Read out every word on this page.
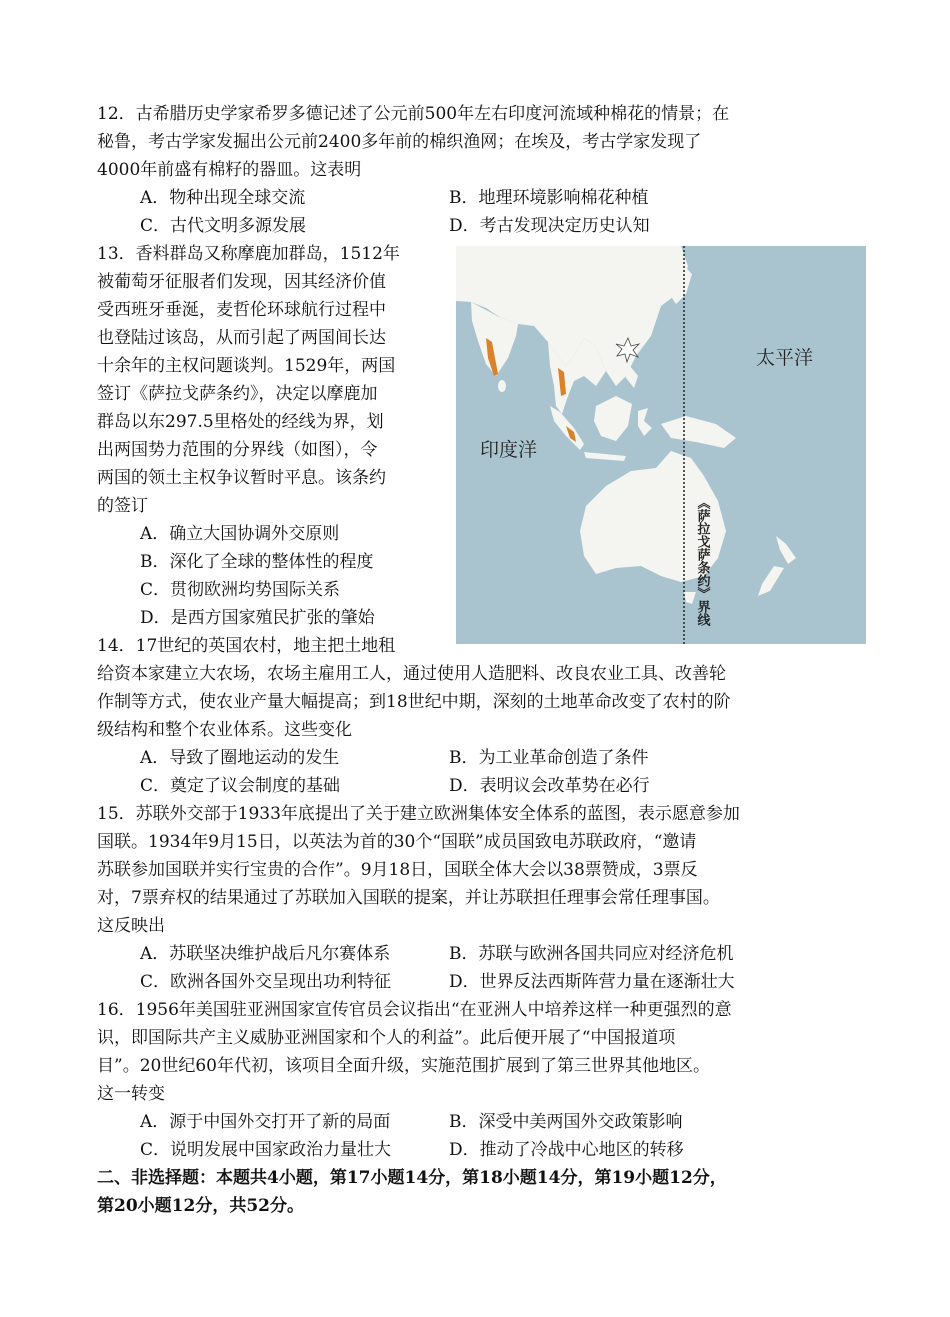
12．古希腊历史学家希罗多德记述了公元前500年左右印度河流域种棉花的情景；在
秘鲁，考古学家发掘出公元前2400多年前的棉织渔网；在埃及，考古学家发现了
4000年前盛有棉籽的器皿。这表明
A．物种出现全球交流	B．地理环境影响棉花种植
C．古代文明多源发展	D．考古发现决定历史认知
13．香料群岛又称摩鹿加群岛，1512年
被葡萄牙征服者们发现，因其经济价值
受西班牙垂涎，麦哲伦环球航行过程中
也登陆过该岛，从而引起了两国间长达
十余年的主权问题谈判。1529年，两国
签订《萨拉戈萨条约》，决定以摩鹿加
群岛以东297.5里格处的经线为界，划
出两国势力范围的分界线（如图），令
两国的领土主权争议暂时平息。该条约
的签订
A．确立大国协调外交原则
B．深化了全球的整体性的程度
C．贯彻欧洲均势国际关系
D．是西方国家殖民扩张的肇始
太平洋
印度洋
《萨拉戈萨条约》界线
14．17世纪的英国农村，地主把土地租
给资本家建立大农场，农场主雇用工人，通过使用人造肥料、改良农业工具、改善轮
作制等方式，使农业产量大幅提高；到18世纪中期，深刻的土地革命改变了农村的阶
级结构和整个农业体系。这些变化
A．导致了圈地运动的发生	B．为工业革命创造了条件
C．奠定了议会制度的基础	D．表明议会改革势在必行
15．苏联外交部于1933年底提出了关于建立欧洲集体安全体系的蓝图，表示愿意参加
国联。1934年9月15日，以英法为首的30个“国联”成员国致电苏联政府，“邀请
苏联参加国联并实行宝贵的合作”。9月18日，国联全体大会以38票赞成，3票反
对，7票弃权的结果通过了苏联加入国联的提案，并让苏联担任理事会常任理事国。
这反映出
A．苏联坚决维护战后凡尔赛体系	B．苏联与欧洲各国共同应对经济危机
C．欧洲各国外交呈现出功利特征	D．世界反法西斯阵营力量在逐渐壮大
16．1956年美国驻亚洲国家宣传官员会议指出“在亚洲人中培养这样一种更强烈的意
识，即国际共产主义威胁亚洲国家和个人的利益”。此后便开展了“中国报道项
目”。20世纪60年代初，该项目全面升级，实施范围扩展到了第三世界其他地区。
这一转变
A．源于中国外交打开了新的局面	B．深受中美两国外交政策影响
C．说明发展中国家政治力量壮大	D．推动了冷战中心地区的转移
二、非选择题：本题共4小题，第17小题14分，第18小题14分，第19小题12分，
第20小题12分，共52分。
